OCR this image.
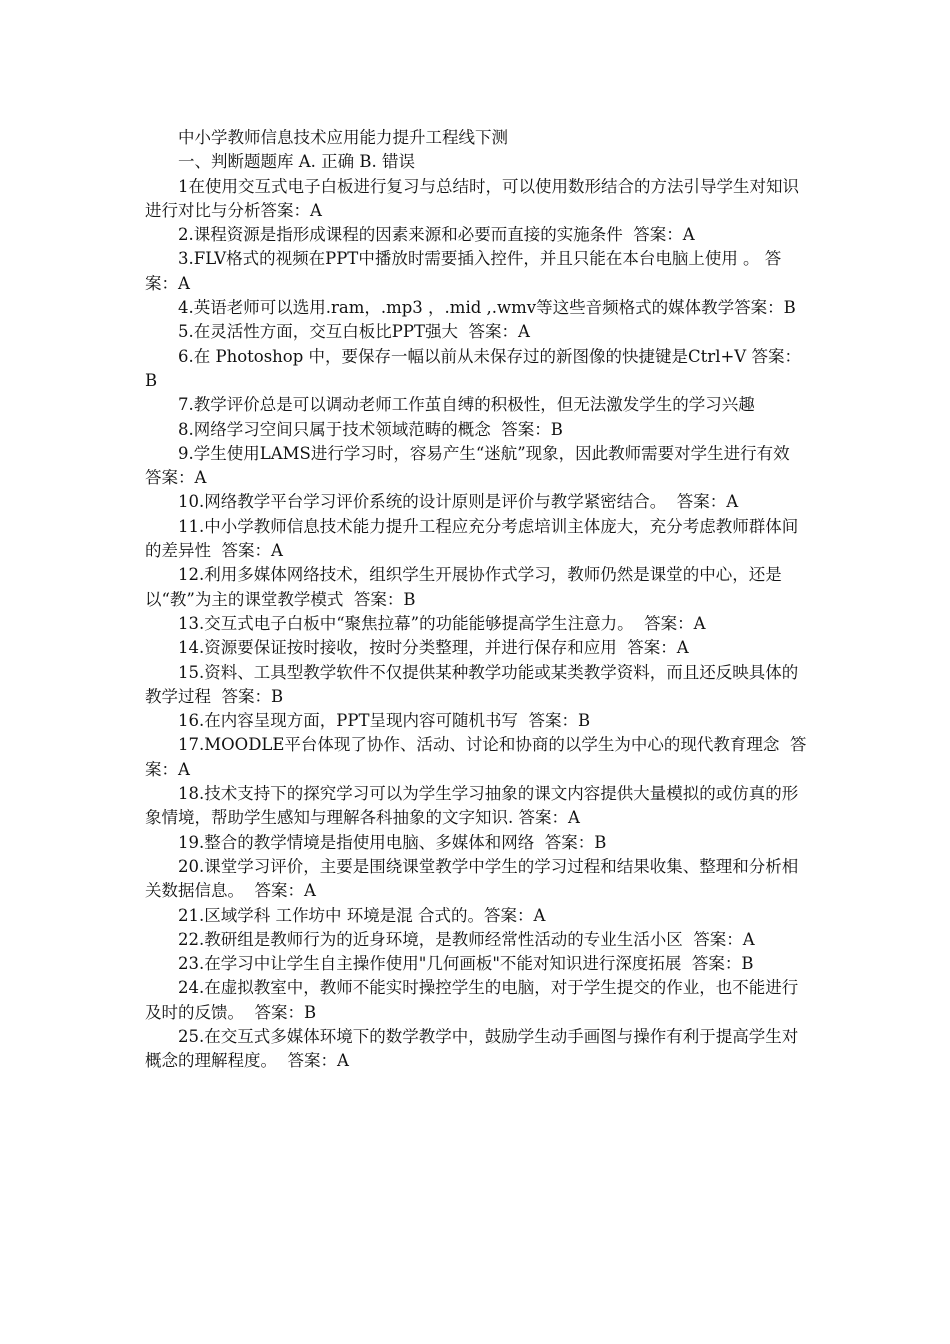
中小学教师信息技术应用能力提升工程线下测

一、判断题题库 A. 正确 B. 错误

1在使用交互式电子白板进行复习与总结时，可以使用数形结合的方法引导学生对知识进行对比与分析答案：A

2.课程资源是指形成课程的因素来源和必要而直接的实施条件  答案：A

3.FLV格式的视频在PPT中播放时需要插入控件，并且只能在本台电脑上使用 。 答案：A

4.英语老师可以选用.ram，.mp3 ，.mid ,.wmv等这些音频格式的媒体教学答案：B

5.在灵活性方面，交互白板比PPT强大  答案：A

6.在 Photoshop 中，要保存一幅以前从未保存过的新图像的快捷键是Ctrl+V 答案：B

7.教学评价总是可以调动老师工作茧自缚的积极性，但无法激发学生的学习兴趣

8.网络学习空间只属于技术领域范畴的概念  答案：B

9.学生使用LAMS进行学习时，容易产生“迷航”现象，因此教师需要对学生进行有效  答案：A

10.网络教学平台学习评价系统的设计原则是评价与教学紧密结合。  答案：A

11.中小学教师信息技术能力提升工程应充分考虑培训主体庞大，充分考虑教师群体间的差异性  答案：A

12.利用多媒体网络技术，组织学生开展协作式学习，教师仍然是课堂的中心，还是以“教”为主的课堂教学模式  答案：B

13.交互式电子白板中“聚焦拉幕”的功能能够提高学生注意力。  答案：A

14.资源要保证按时接收，按时分类整理，并进行保存和应用  答案：A

15.资料、工具型教学软件不仅提供某种教学功能或某类教学资料，而且还反映具体的教学过程  答案：B

16.在内容呈现方面，PPT呈现内容可随机书写  答案：B

17.MOODLE平台体现了协作、活动、讨论和协商的以学生为中心的现代教育理念  答案：A

18.技术支持下的探究学习可以为学生学习抽象的课文内容提供大量模拟的或仿真的形象情境，帮助学生感知与理解各科抽象的文字知识. 答案：A

19.整合的教学情境是指使用电脑、多媒体和网络  答案：B

20.课堂学习评价，主要是围绕课堂教学中学生的学习过程和结果收集、整理和分析相关数据信息。  答案：A

21.区域学科 工作坊中 环境是混 合式的。答案：A

22.教研组是教师行为的近身环境，是教师经常性活动的专业生活小区  答案：A

23.在学习中让学生自主操作使用"几何画板"不能对知识进行深度拓展  答案：B

24.在虚拟教室中，教师不能实时操控学生的电脑，对于学生提交的作业，也不能进行及时的反馈。  答案：B

25.在交互式多媒体环境下的数学教学中，鼓励学生动手画图与操作有利于提高学生对概念的理解程度。  答案：A
